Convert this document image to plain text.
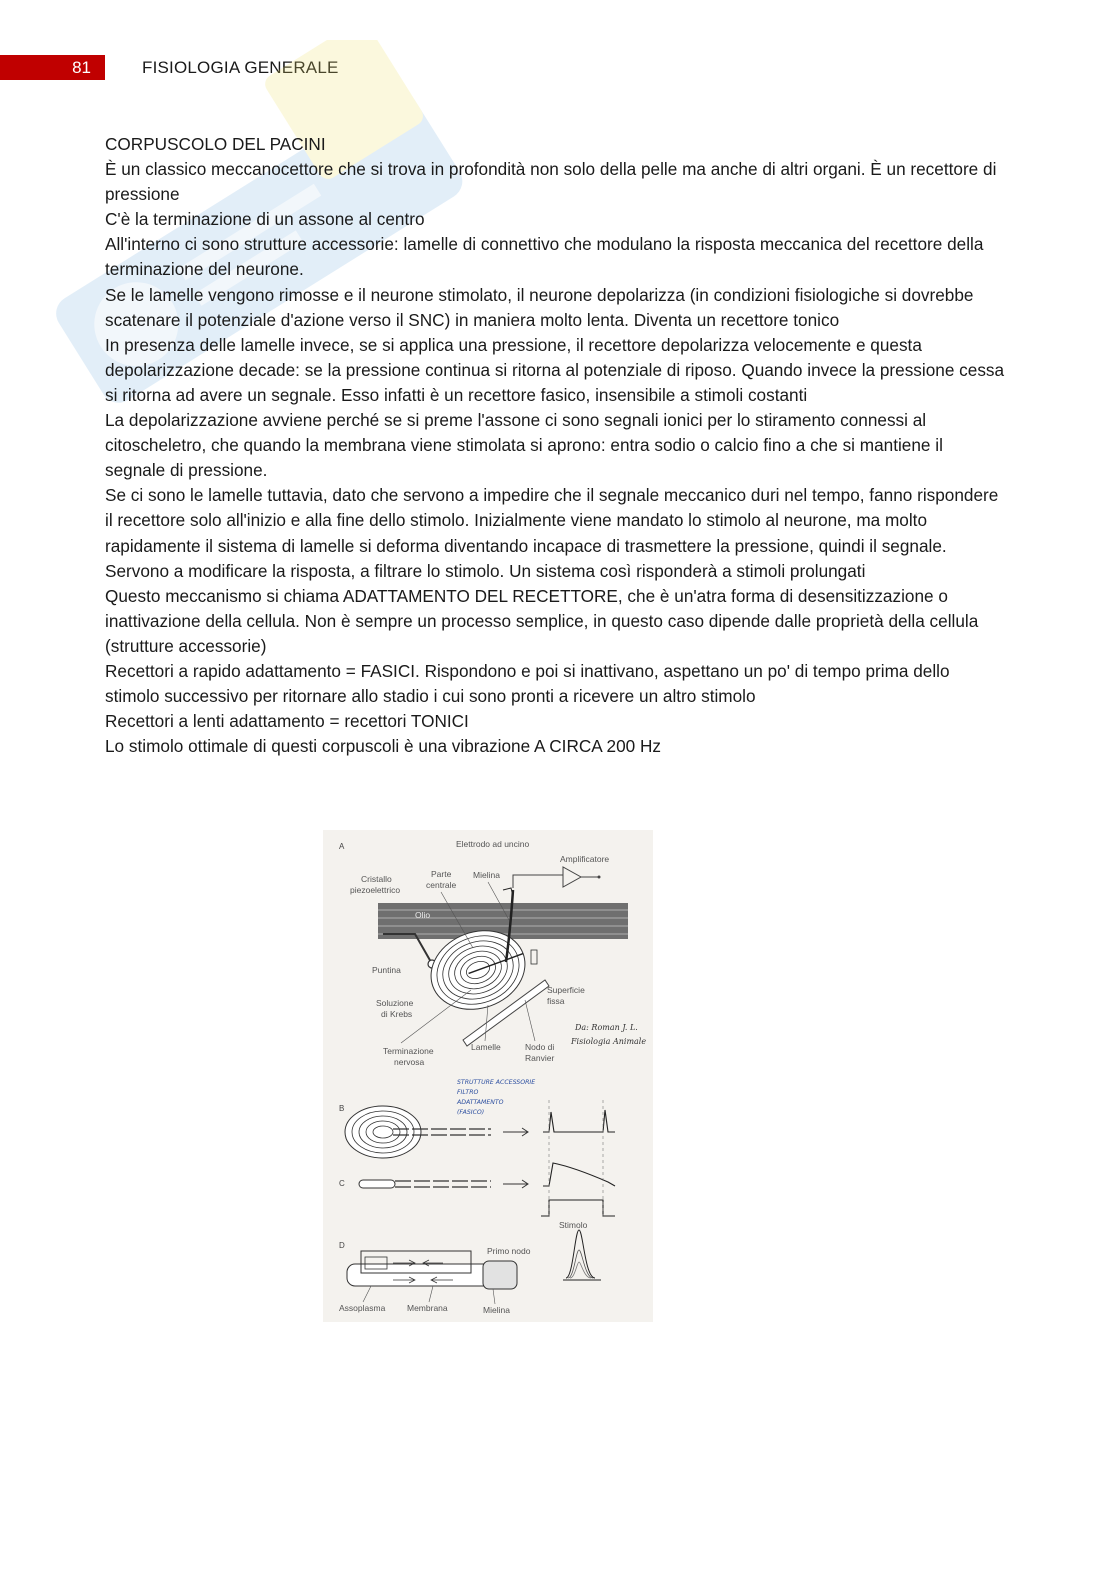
81	FISIOLOGIA GENERALE

CORPUSCOLO DEL PACINI

È un classico meccanocettore che si trova in profondità non solo della pelle ma anche di altri organi. È un recettore di pressione

C'è la terminazione di un assone al centro

All'interno ci sono strutture accessorie: lamelle di connettivo che modulano la risposta meccanica del recettore della terminazione del neurone.

Se le lamelle vengono rimosse e il neurone stimolato, il neurone depolarizza (in condizioni fisiologiche si dovrebbe scatenare il potenziale d'azione verso il SNC) in maniera molto lenta. Diventa un recettore tonico

In presenza delle lamelle invece, se si applica una pressione, il recettore depolarizza velocemente e questa depolarizzazione decade: se la pressione continua si ritorna al potenziale di riposo. Quando invece la pressione cessa si ritorna ad avere un segnale. Esso infatti è un recettore fasico, insensibile a stimoli costanti

La depolarizzazione avviene perché se si preme l'assone ci sono segnali ionici per lo stiramento connessi al citoscheletro, che quando la membrana viene stimolata si aprono: entra sodio o calcio fino a che si mantiene il segnale di pressione.

Se ci sono le lamelle tuttavia, dato che servono a impedire che il segnale meccanico duri nel tempo, fanno rispondere il recettore solo all'inizio e alla fine dello stimolo. Inizialmente viene mandato lo stimolo al neurone, ma molto rapidamente il sistema di lamelle si deforma diventando incapace di trasmettere la pressione, quindi il segnale. Servono a modificare la risposta, a filtrare lo stimolo. Un sistema così risponderà a stimoli prolungati

Questo meccanismo si chiama ADATTAMENTO DEL RECETTORE, che è un'atra forma di desensitizzazione o inattivazione della cellula. Non è sempre un processo semplice, in questo caso dipende dalle proprietà della cellula (strutture accessorie)

Recettori a rapido adattamento = FASICI. Rispondono e poi si inattivano, aspettano un po' di tempo prima dello stimolo successivo per ritornare allo stadio i cui sono pronti a ricevere un altro stimolo

Recettori a lenti adattamento = recettori TONICI

Lo stimolo ottimale di questi corpuscoli è una vibrazione A CIRCA 200 Hz

A	Elettrodo ad uncino
Amplificatore
Cristallo
piezoelettrico
Parte
centrale
Mielina
Olio
Puntina
Soluzione
di Krebs
Superficie
fissa
Terminazione
nervosa
Lamelle	Nodo di
Ranvier
Da: Roman J. L.
Fisiologia Animale
STRUTTURE ACCESSORIE
FILTRO
ADATTAMENTO
(FASICO)
B
C
Stimolo
D
Primo nodo
Assoplasma	Membrana	Mielina
